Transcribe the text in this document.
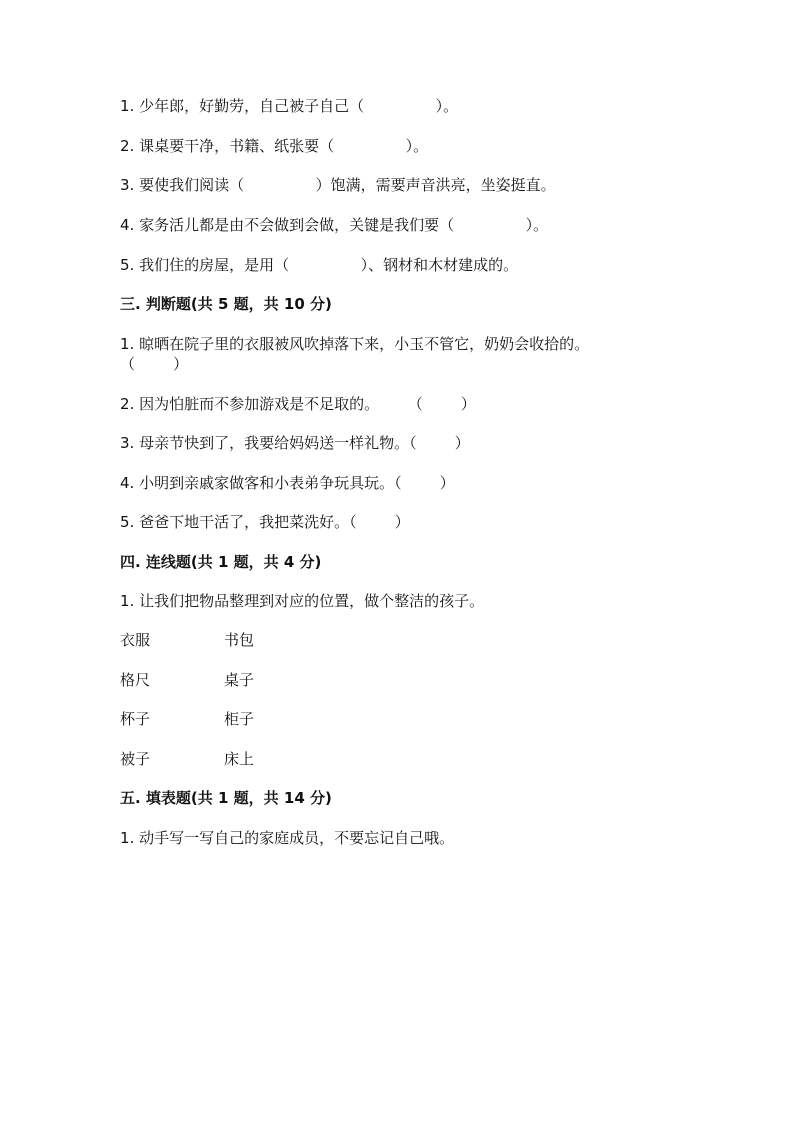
1. 少年郎，好勤劳，自己被子自己（               ）。
2. 课桌要干净，书籍、纸张要（               ）。
3. 要使我们阅读（               ）饱满，需要声音洪亮，坐姿挺直。
4. 家务活儿都是由不会做到会做，关键是我们要（               ）。
5. 我们住的房屋，是用（               ）、钢材和木材建成的。
三. 判断题(共 5 题，共 10 分)
1. 晾晒在院子里的衣服被风吹掉落下来，小玉不管它，奶奶会收拾的。
（        ）
2. 因为怕脏而不参加游戏是不足取的。      （        ）
3. 母亲节快到了，我要给妈妈送一样礼物。（        ）
4. 小明到亲戚家做客和小表弟争玩具玩。（        ）
5. 爸爸下地干活了，我把菜洗好。（        ）
四. 连线题(共 1 题，共 4 分)
1. 让我们把物品整理到对应的位置，做个整洁的孩子。
衣服	书包
格尺	桌子
杯子	柜子
被子	床上
五. 填表题(共 1 题，共 14 分)
1. 动手写一写自己的家庭成员，不要忘记自己哦。
